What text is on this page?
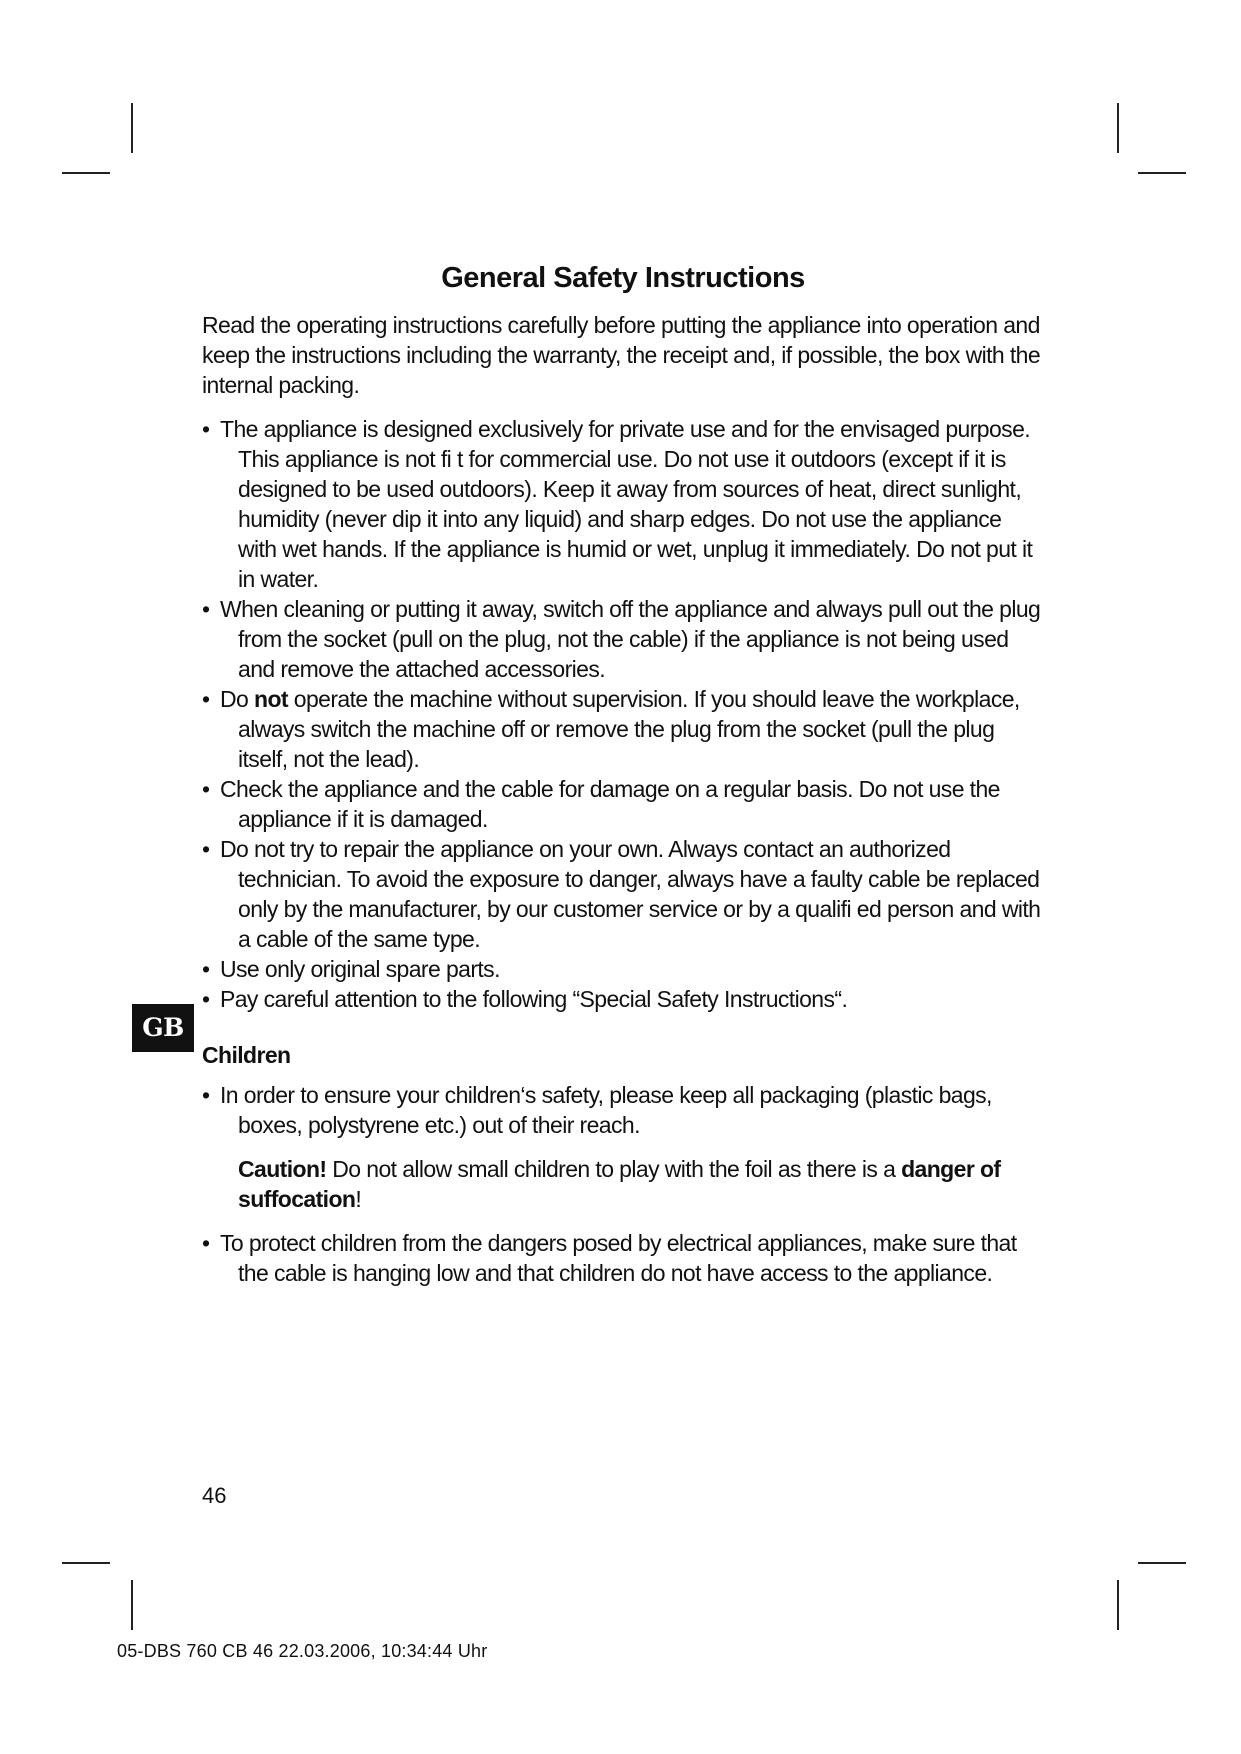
GB
General Safety Instructions
Read the operating instructions carefully before putting the appliance into operation and keep the instructions including the warranty, the receipt and, if possible, the box with the internal packing.
• The appliance is designed exclusively for private use and for the envisaged purpose. This appliance is not fi t for commercial use. Do not use it outdoors (except if it is designed to be used outdoors). Keep it away from sources of heat, direct sunlight, humidity (never dip it into any liquid) and sharp edges. Do not use the appliance with wet hands. If the appliance is humid or wet, unplug it immediately. Do not put it in water.
• When cleaning or putting it away, switch off the appliance and always pull out the plug from the socket (pull on the plug, not the cable) if the appliance is not being used and remove the attached accessories.
• Do not operate the machine without supervision. If you should leave the workplace, always switch the machine off or remove the plug from the socket (pull the plug itself, not the lead).
• Check the appliance and the cable for damage on a regular basis. Do not use the appliance if it is damaged.
• Do not try to repair the appliance on your own. Always contact an authorized technician. To avoid the exposure to danger, always have a faulty cable be replaced only by the manufacturer, by our customer service or by a qualifi ed person and with a cable of the same type.
• Use only original spare parts.
• Pay careful attention to the following “Special Safety Instructions“.
Children
• In order to ensure your children‘s safety, please keep all packaging (plastic bags, boxes, polystyrene etc.) out of their reach.
Caution! Do not allow small children to play with the foil as there is a danger of suffocation!
• To protect children from the dangers posed by electrical appliances, make sure that the cable is hanging low and that children do not have access to the appliance.
46
05-DBS 760 CB 46 22.03.2006, 10:34:44 Uhr
